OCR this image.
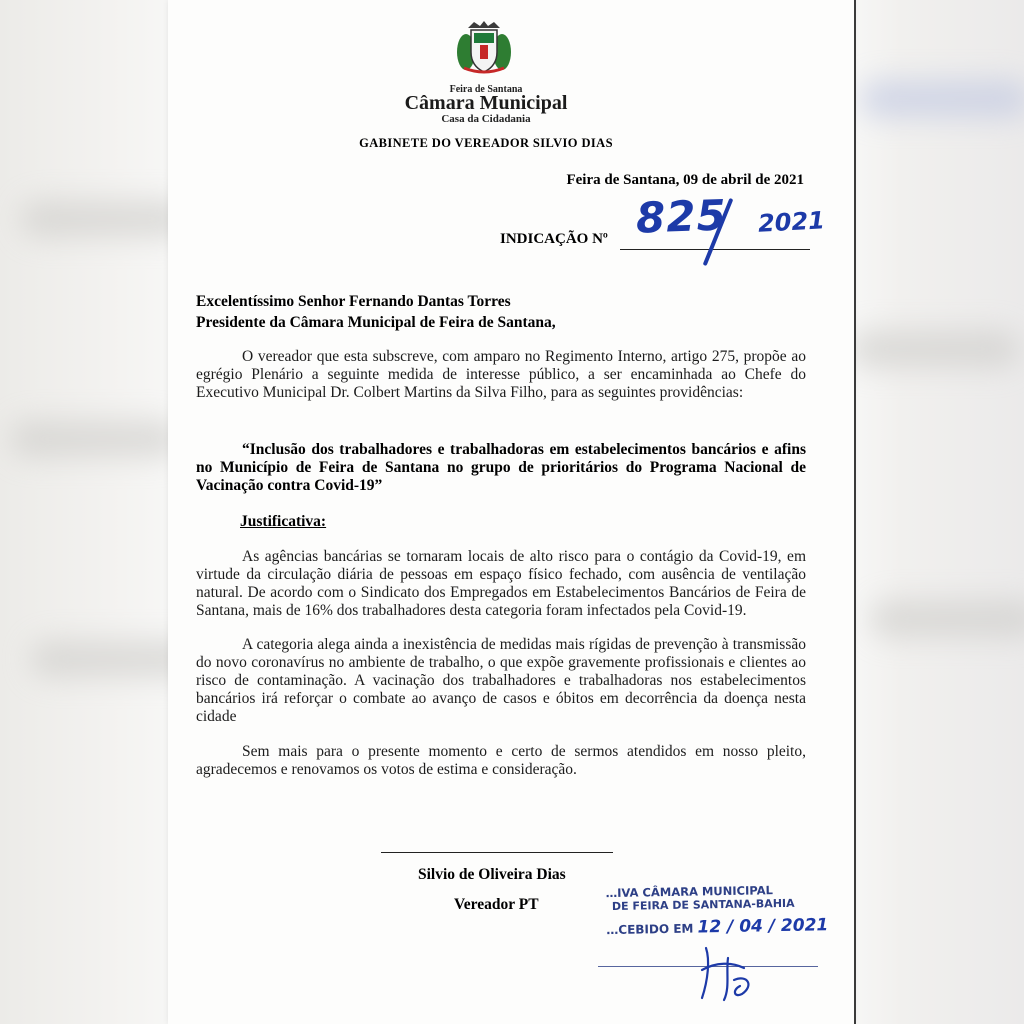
Feira de Santana
Câmara Municipal
Casa da Cidadania
GABINETE DO VEREADOR SILVIO DIAS
Feira de Santana, 09 de abril de 2021
INDICAÇÃO Nº 825 2021
Excelentíssimo Senhor Fernando Dantas Torres
Presidente da Câmara Municipal de Feira de Santana,
O vereador que esta subscreve, com amparo no Regimento Interno, artigo 275, propõe ao egrégio Plenário a seguinte medida de interesse público, a ser encaminhada ao Chefe do Executivo Municipal Dr. Colbert Martins da Silva Filho, para as seguintes providências:
“Inclusão dos trabalhadores e trabalhadoras em estabelecimentos bancários e afins no Município de Feira de Santana no grupo de prioritários do Programa Nacional de Vacinação contra Covid-19”
Justificativa:
As agências bancárias se tornaram locais de alto risco para o contágio da Covid-19, em virtude da circulação diária de pessoas em espaço físico fechado, com ausência de ventilação natural. De acordo com o Sindicato dos Empregados em Estabelecimentos Bancários de Feira de Santana, mais de 16% dos trabalhadores desta categoria foram infectados pela Covid-19.
A categoria alega ainda a inexistência de medidas mais rígidas de prevenção à transmissão do novo coronavírus no ambiente de trabalho, o que expõe gravemente profissionais e clientes ao risco de contaminação. A vacinação dos trabalhadores e trabalhadoras nos estabelecimentos bancários irá reforçar o combate ao avanço de casos e óbitos em decorrência da doença nesta cidade
Sem mais para o presente momento e certo de sermos atendidos em nosso pleito, agradecemos e renovamos os votos de estima e consideração.
Silvio de Oliveira Dias
Vereador PT
…IVA CÂMARA MUNICIPAL
DE FEIRA DE SANTANA-BAHIA
…CEBIDO EM 12 / 04 / 2021
